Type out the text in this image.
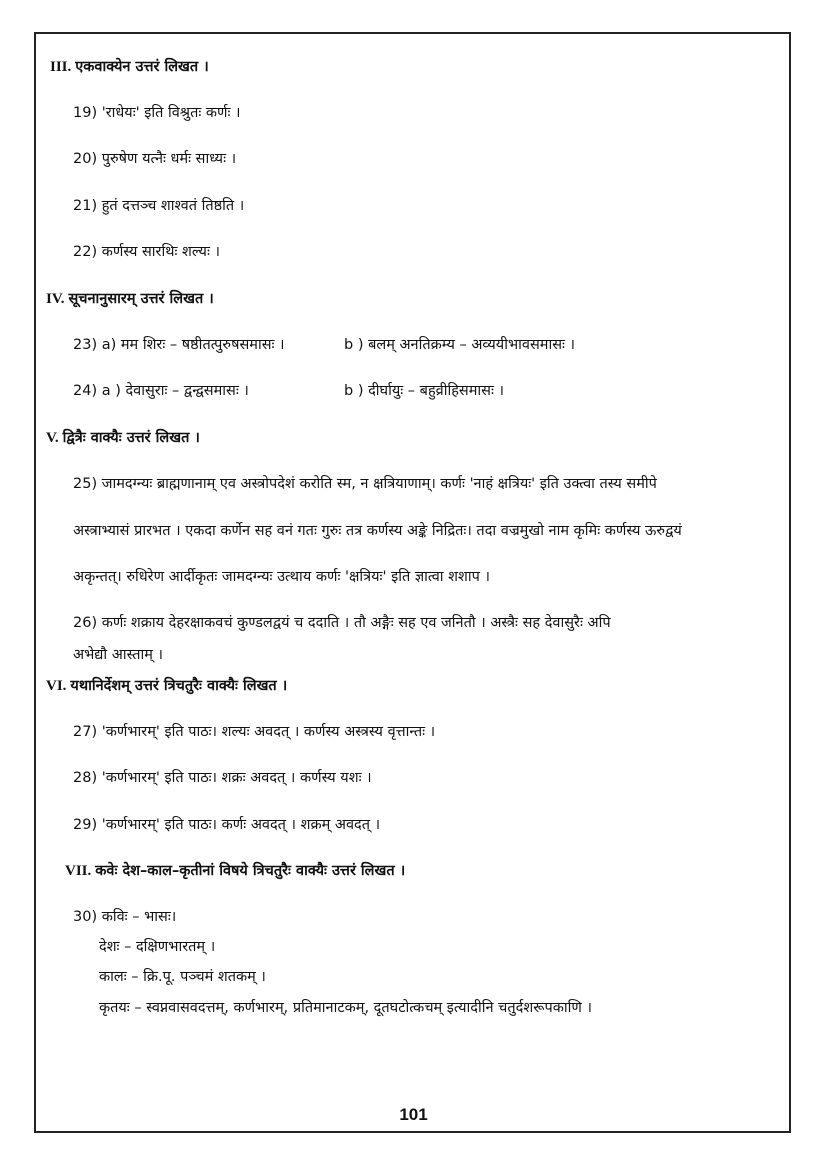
III. एकवाक्येन उत्तरं लिखत ।
19) 'राधेयः' इति विश्रुतः कर्णः ।
20) पुरुषेण यत्नैः धर्मः साध्यः ।
21) हुतं दत्तञ्च शाश्वतं तिष्ठति ।
22) कर्णस्य सारथिः शल्यः ।
IV. सूचनानुसारम् उत्तरं लिखत ।
23) a) मम शिरः – षष्ठीतत्पुरुषसमासः ।	b ) बलम् अनतिक्रम्य – अव्ययीभावसमासः ।
24) a ) देवासुराः – द्वन्द्वसमासः ।	b ) दीर्घायुः – बहुव्रीहिसमासः ।
V. द्वित्रैः वाक्यैः उत्तरं लिखत ।
25) जामदग्न्यः ब्राह्मणानाम् एव अस्त्रोपदेशं करोति स्म, न क्षत्रियाणाम्। कर्णः 'नाहं क्षत्रियः' इति उक्त्वा तस्य समीपे
अस्त्राभ्यासं प्रारभत । एकदा कर्णेन सह वनं गतः गुरुः तत्र कर्णस्य अङ्के निद्रितः। तदा वज्रमुखो नाम कृमिः कर्णस्य ऊरुद्वयं
अकृन्तत्। रुधिरेण आर्दीकृतः जामदग्न्यः उत्थाय कर्णः 'क्षत्रियः' इति ज्ञात्वा शशाप ।
26) कर्णः शक्राय देहरक्षाकवचं कुण्डलद्वयं च ददाति । तौ अङ्गैः सह एव जनितौ । अस्त्रैः सह देवासुरैः अपि
अभेद्यौ आस्ताम् ।
VI. यथानिर्देशम् उत्तरं त्रिचतुरैः वाक्यैः लिखत ।
27) 'कर्णभारम्' इति पाठः। शल्यः अवदत् । कर्णस्य अस्त्रस्य वृत्तान्तः ।
28) 'कर्णभारम्' इति पाठः। शक्रः अवदत् । कर्णस्य यशः ।
29) 'कर्णभारम्' इति पाठः। कर्णः अवदत् । शक्रम् अवदत् ।
VII. कवेः देश–काल–कृतीनां विषये त्रिचतुरैः वाक्यैः उत्तरं लिखत ।
30) कविः – भासः।
देशः – दक्षिणभारतम् ।
कालः – क्रि.पू. पञ्चमं शतकम् ।
कृतयः – स्वप्नवासवदत्तम्, कर्णभारम्, प्रतिमानाटकम्, दूतघटोत्कचम् इत्यादीनि चतुर्दशरूपकाणि ।
101
